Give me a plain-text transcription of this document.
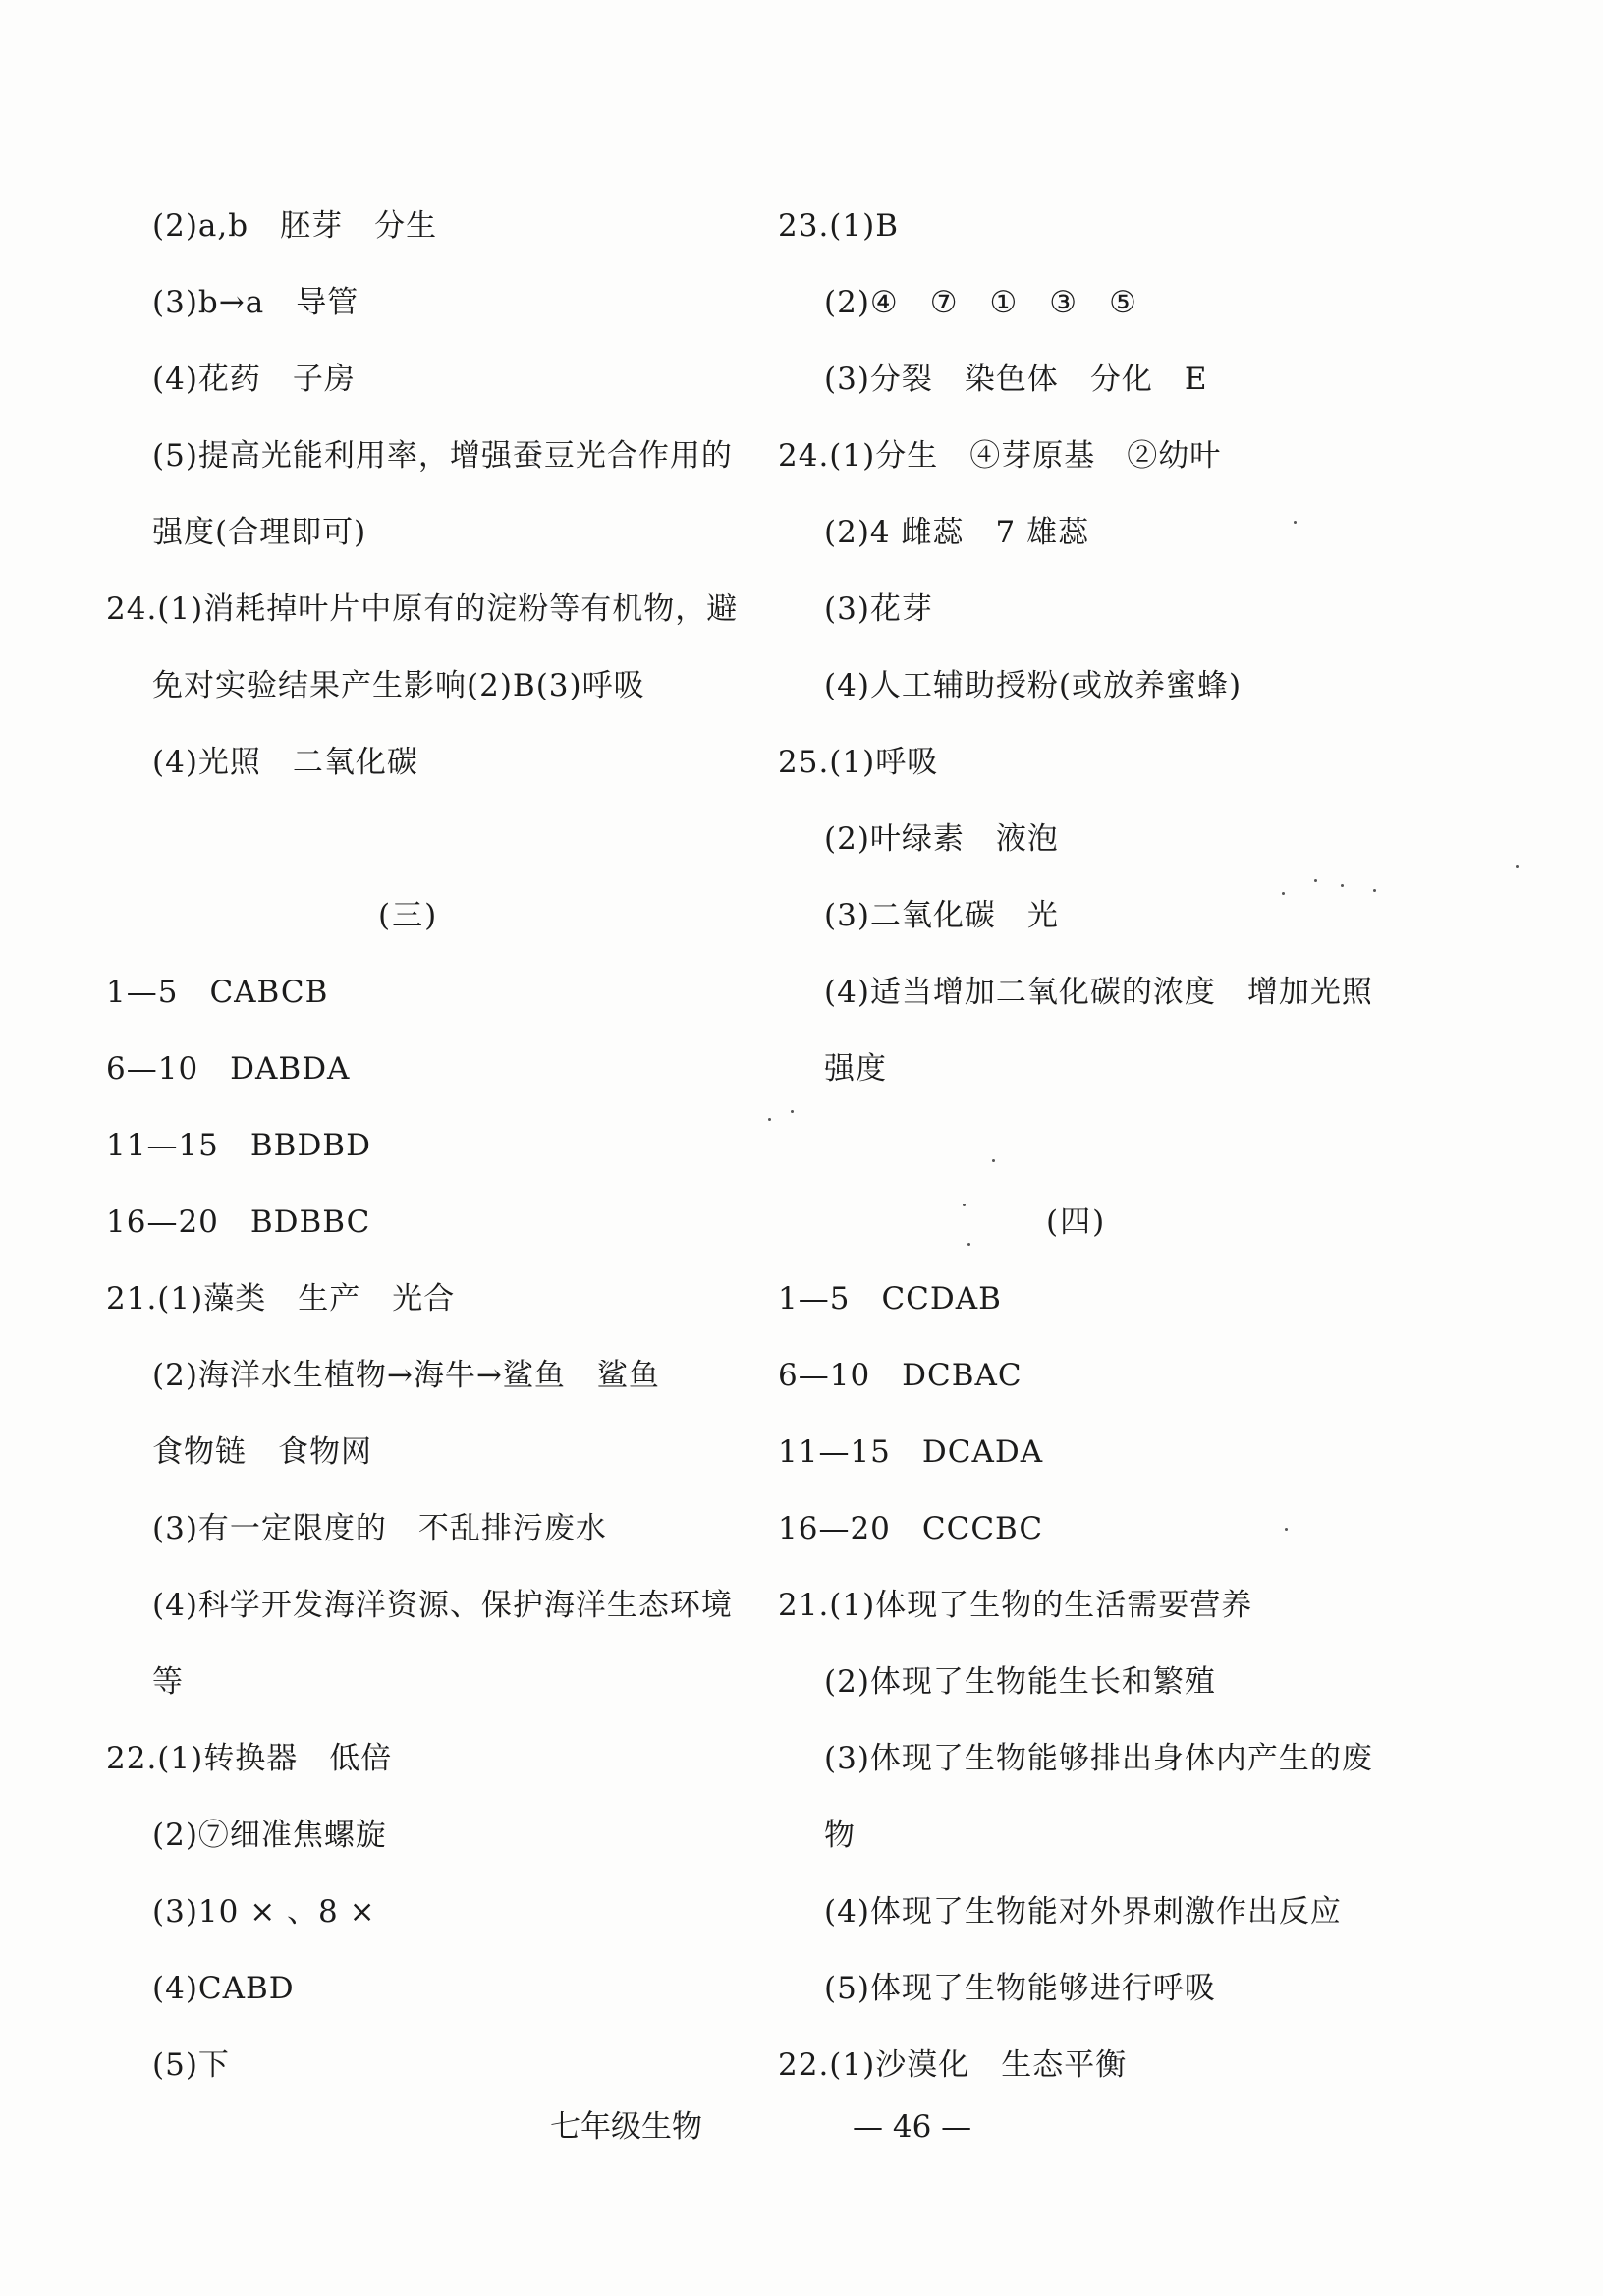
(2)a,b　胚芽　分生
(3)b→a　导管
(4)花药　子房
(5)提高光能利用率，增强蚕豆光合作用的
强度(合理即可)
24.(1)消耗掉叶片中原有的淀粉等有机物，避
免对实验结果产生影响(2)B(3)呼吸
(4)光照　二氧化碳
(三)
1—5　CABCB
6—10　DABDA
11—15　BBDBD
16—20　BDBBC
21.(1)藻类　生产　光合
(2)海洋水生植物→海牛→鲨鱼　鲨鱼
食物链　食物网
(3)有一定限度的　不乱排污废水
(4)科学开发海洋资源、保护海洋生态环境
等
22.(1)转换器　低倍
(2)⑦细准焦螺旋
(3)10 × 、8 ×
(4)CABD
(5)下
23.(1)B
(2)④　⑦　①　③　⑤
(3)分裂　染色体　分化　E
24.(1)分生　④芽原基　②幼叶
(2)4 雌蕊　7 雄蕊
(3)花芽
(4)人工辅助授粉(或放养蜜蜂)
25.(1)呼吸
(2)叶绿素　液泡
(3)二氧化碳　光
(4)适当增加二氧化碳的浓度　增加光照
强度
(四)
1—5　CCDAB
6—10　DCBAC
11—15　DCADA
16—20　CCCBC
21.(1)体现了生物的生活需要营养
(2)体现了生物能生长和繁殖
(3)体现了生物能够排出身体内产生的废
物
(4)体现了生物能对外界刺激作出反应
(5)体现了生物能够进行呼吸
22.(1)沙漠化　生态平衡
七年级生物	— 46 —
